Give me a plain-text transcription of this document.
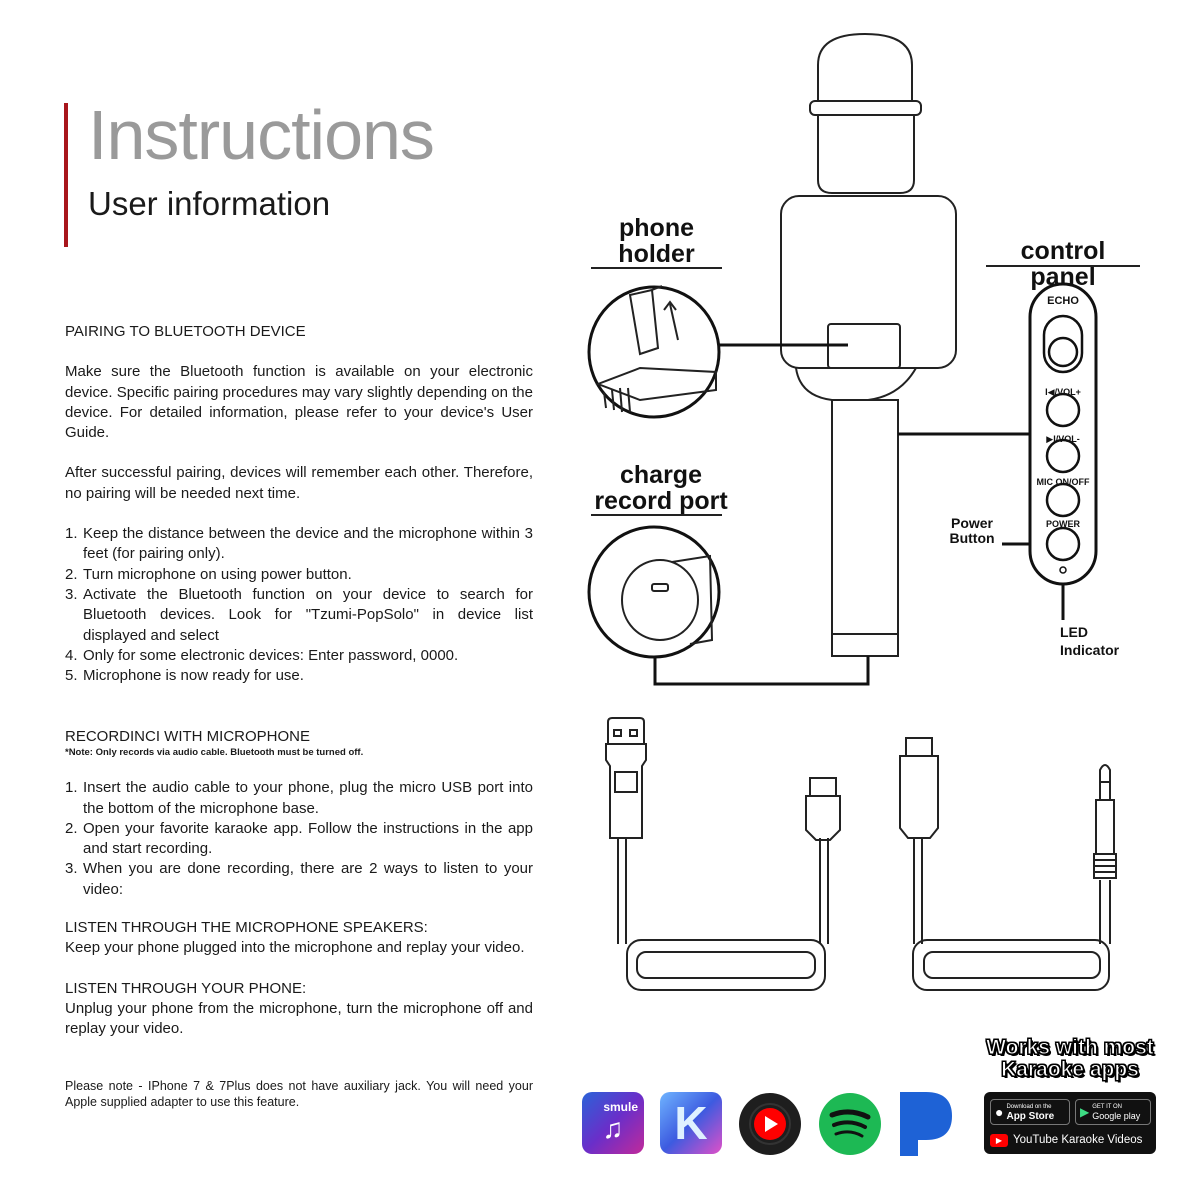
Instructions
User information

PAIRING TO BLUETOOTH DEVICE

Make sure the Bluetooth function is available on your electronic device. Specific pairing procedures may vary slightly depending on the device. For detailed information, please refer to your device's User Guide.

After successful pairing, devices will remember each other. Therefore, no pairing will be needed next time.

1. Keep the distance between the device and the microphone within 3 feet (for pairing only).
2. Turn microphone on using power button.
3. Activate the Bluetooth function on your device to search for Bluetooth devices. Look for "Tzumi-PopSolo" in device list displayed and select
4. Only for some electronic devices: Enter password, 0000.
5. Microphone is now ready for use.

RECORDINCI WITH MICROPHONE

*Note: Only records via audio cable. Bluetooth must be turned off.

1. Insert the audio cable to your phone, plug the micro USB port into the bottom of the microphone base.
2. Open your favorite karaoke app. Follow the instructions in the app and start recording.
3. When you are done recording, there are 2 ways to listen to your video:

LISTEN THROUGH THE MICROPHONE SPEAKERS:

Keep your phone plugged into the microphone and replay your video.

LISTEN THROUGH YOUR PHONE:

Unplug your phone from the microphone, turn the microphone off and replay your video.

Please note - IPhone 7 & 7Plus does not have auxiliary jack. You will need your Apple supplied adapter to use this feature.

phone
holder
charge
record port
control panel
ECHO
I◀/VOL+
▶I/VOL-
MIC ON/OFF
POWER
Power
Button
LED
Indicator
Works with most
Karaoke apps
smule
♫	K	● Download on the
App Store ▶ GET IT ON
Google play
▶ YouTube Karaoke Videos
